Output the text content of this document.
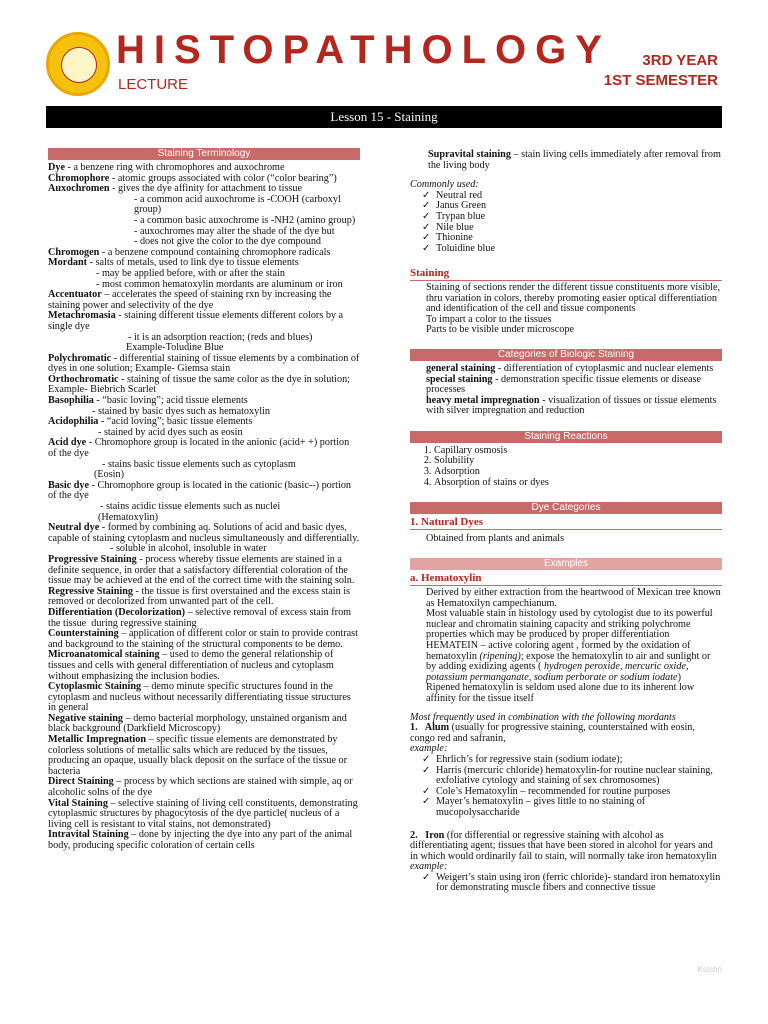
HISTOPATHOLOGY
LECTURE
3RD YEAR
1ST SEMESTER
Lesson 15 - Staining
Staining Terminology

Dye - a benzene ring with chromophores and auxochrome

Chromophore - atomic groups associated with color (“color bearing”)

Auxochromen - gives the dye affinity for attachment to tissue

- a common acid auxochrome is -COOH (carboxyl group)
- a common basic auxochrome is -NH2 (amino group)
- auxochromes may alter the shade of the dye but
- does not give the color to the dye compound

Chromogen - a benzene compound containing chromophore radicals

Mordant - salts of metals, used to link dye to tissue elements

- may be applied before, with or after the stain
- most common hematoxylin mordants are aluminum or iron

Accentuator – accelerates the speed of staining rxn by increasing the staining power and selectivity of the dye

Metachromasia - staining different tissue elements different colors by a single dye

- it is an adsorption reaction; (reds and blues)
Example-Toludine Blue

Polychromatic - differential staining of tissue elements by a combination of dyes in one solution; Example- Giemsa stain

Orthochromatic - staining of tissue the same color as the dye in solution; Example- Biebrich Scarlet

Basophilia - “basic loving”; acid tissue elements

- stained by basic dyes such as hematoxylin

Acidophilia - “acid loving”; basic tissue elements

- stained by acid dyes such as eosin

Acid dye - Chromophore group is located in the anionic (acid+ +) portion of the dye

- stains basic tissue elements such as cytoplasm
(Eosin)

Basic dye - Chromophore group is located in the cationic (basic--) portion of the dye

- stains acidic tissue elements such as nuclei
(Hematoxylin)

Neutral dye - formed by combining aq. Solutions of acid and basic dyes, capable of staining cytoplasm and nucleus simultaneously and differentially.

- soluble in alcohol, insoluble in water

Progressive Staining - process whereby tissue elements are stained in a definite sequence, in order that a satisfactory differential coloration of the tissue may be achieved at the end of the correct time with the staining soln.

Regressive Staining - the tissue is first overstained and the excess stain is removed or decolorized from unwanted part of the cell.

Differentiation (Decolorization) – selective removal of excess stain from the tissue  during regressive staining

Counterstaining – application of different color or stain to provide contrast and background to the staining of the structural components to be demo.

Microanatomical staining – used to demo the general relationship of tissues and cells with general differentiation of nucleus and cytoplasm without emphasizing the inclusion bodies.

Cytoplasmic Staining – demo minute specific structures found in the cytoplasm and nucleus without necessarily differentiating tissue structures in general

Negative staining – demo bacterial morphology, unstained organism and  black background (Darkfield Microscopy)

Metallic Impregnation – specific tissue elements are demonstrated by colorless solutions of metallic salts which are reduced by the tissues, producing an opaque, usually black deposit on the surface of the tissue or bacteria

Direct Staining – process by which sections are stained with simple, aq or alcoholic solns of the dye

Vital Staining – selective staining of living cell constituents, demonstrating cytoplasmic structures by phagocytosis of the dye particle( nucleus of a living cell is resistant to vital stains, not demonstrated)

Intravital Staining – done by injecting the dye into any part of the animal body, producing specific coloration of certain cells

Supravital staining – stain living cells immediately after removal from the living body

Commonly used:

✓ Neutral red
✓ Janus Green
✓ Trypan blue
✓ Nile blue
✓ Thionine
✓ Toluidine blue
Staining
Staining of sections render the different tissue constituents more visible, thru variation in colors, thereby promoting easier optical differentiation and identification of the cell and tissue components
To impart a color to the tissues
Parts to be visible under microscope
Categories of Biologic Staining

general staining - differentiation of cytoplasmic and nuclear elements

special staining - demonstration specific tissue elements or disease processes

heavy metal impregnation - visualization of tissues or tissue elements with silver impregnation and reduction

Staining Reactions
1. Capillary osmosis
2. Solubility
3. Adsorption
4. Absorption of stains or dyes
Dye Categories
1. Natural Dyes
Obtained from plants and animals
Examples
a. Hematoxylin
Derived by either extraction from the heartwood of Mexican tree known as Hematoxilyn campechianum.
Most valuable stain in histology used by cytologist due to its powerful nuclear and chromatin staining capacity and striking polychrome properties which may be produced by proper differentiation
HEMATEIN – active coloring agent , formed by the oxidation of hematoxylin (ripening); expose the hematoxylin to air and sunlight or by adding exidizing agents ( hydrogen peroxide, mercuric oxide, potassium permanganate, sodium perborate or sodium iodate)
Ripened hematoxylin is seldom used alone due to its inherent low affinity for the tissue itself

Most frequently used in combination with the following mordants

1.   Alum (usually for progressive staining, counterstained with eosin, congo red and safranin,

example:

✓ Ehrlich’s for regressive stain (sodium iodate);
✓ Harris (mercuric chloride) hematoxylin-for routine nuclear staining, exfoliative cytology and staining of sex chromosomes)
✓ Cole’s Hematoxylin – recommended for routine purposes
✓ Mayer’s hematoxylin – gives little to no staining of mucopolysaccharide

2.   Iron (for differential or regressive staining with alcohol as differentiating agent; tissues that have been stored in alcohol for years and in which would ordinarily fail to stain, will normally take iron hematoxylin

example:

✓ Weigert’s stain using iron (ferric chloride)- standard iron hematoxylin for demonstrating muscle fibers and connective tissue
Kstsbn
